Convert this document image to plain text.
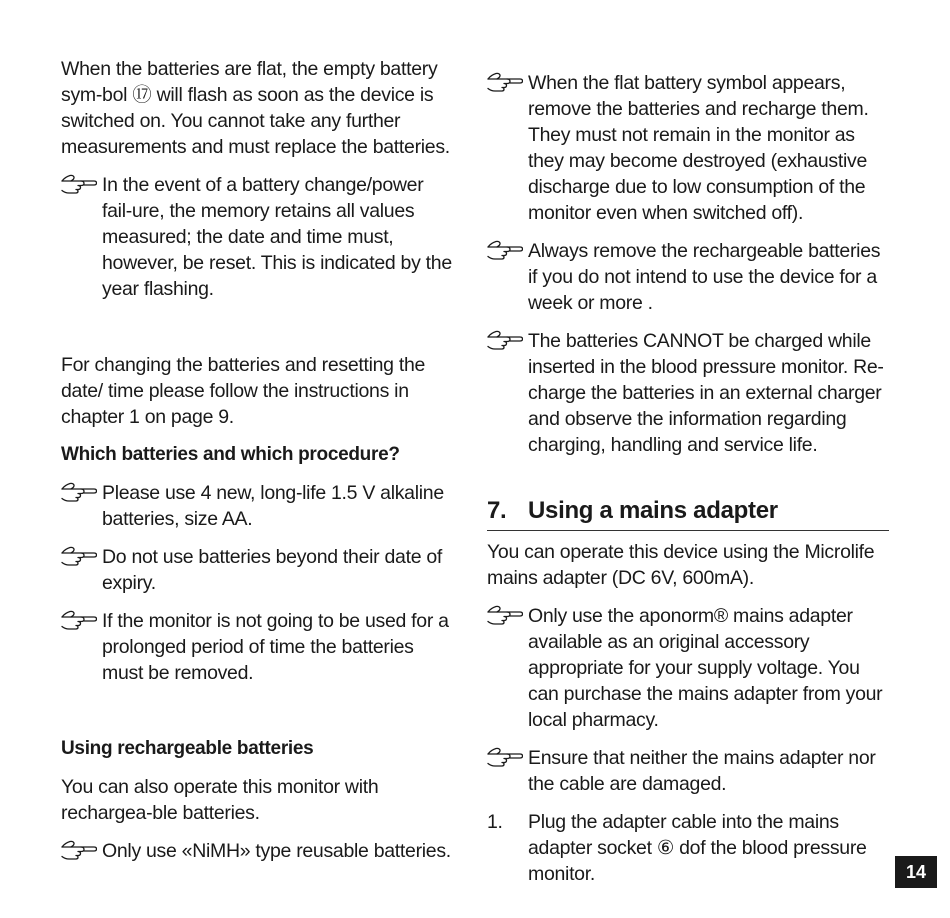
When the batteries are flat, the empty battery sym-bol ⑰ will flash as soon as the device is switched on. You cannot take any further measurements and must replace the batteries.

In the event of a battery change/power fail-ure, the memory retains all values measured; the date and time must, however, be reset. This is indicated by the year flashing.

For changing the batteries and resetting the date/ time please follow the instructions in chapter 1 on page 9.

Which batteries and which procedure?

Please use 4 new, long-life 1.5 V alkaline batteries, size AA.

Do not use batteries beyond their date of expiry.

If the monitor is not going to be used for a prolonged period of time the batteries must be removed.

Using rechargeable batteries

You can also operate this monitor with rechargea-ble batteries.

Only use «NiMH» type reusable batteries.

When the flat battery symbol appears, remove the batteries and recharge them. They must not remain in the monitor as they may become destroyed (exhaustive discharge due to low consumption of the monitor even when switched off).

Always remove the rechargeable batteries if you do not intend to use the device for a week or more .

The batteries CANNOT be charged while inserted in the blood pressure monitor. Re-charge the batteries in an external charger and observe the information regarding charging, handling and service life.

7. Using a mains adapter

You can operate this device using the Microlife mains adapter (DC 6V, 600mA).

Only use the aponorm® mains adapter available as an original accessory appropriate for your supply voltage. You can purchase the mains adapter from your local pharmacy.

Ensure that neither the mains adapter nor the cable are damaged.

1. Plug the adapter cable into the mains adapter socket ⑥ dof the blood pressure monitor.	14
